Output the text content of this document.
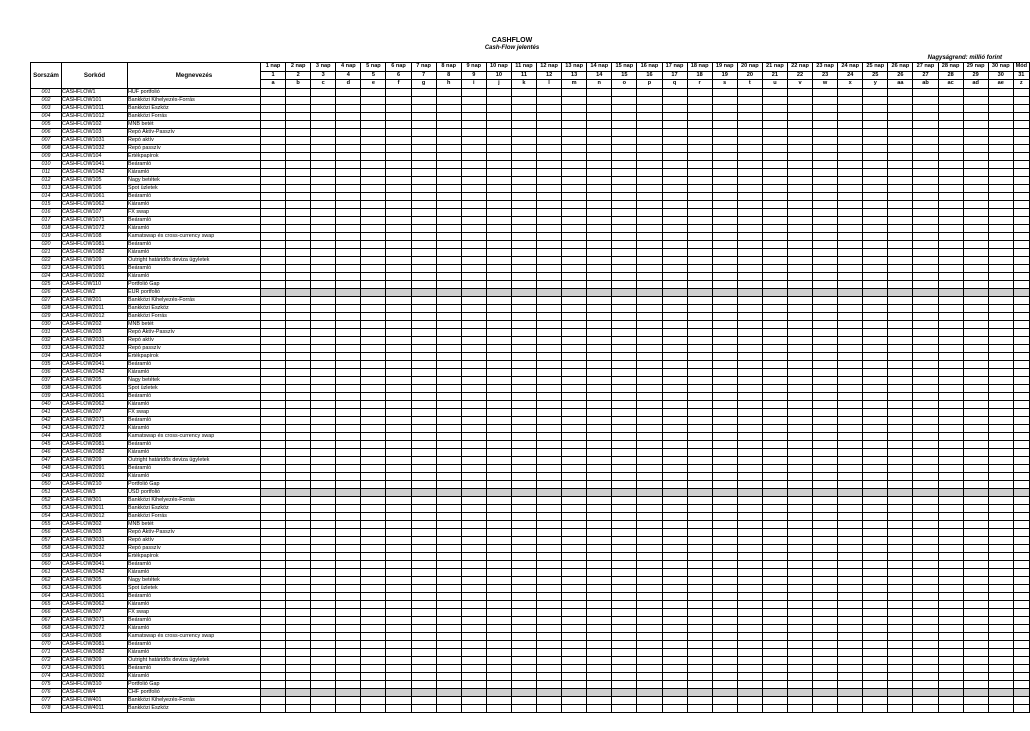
CASHFLOW
Cash-Flow jelentés
Nagyságrend: millió forint
Sorszám	Sorkód	Megnevezés	1 nap	2 nap	3 nap	4 nap	5 nap	6 nap	7 nap	8 nap	9 nap	10 nap	11 nap	12 nap	13 nap	14 nap	15 nap	16 nap	17 nap	18 nap	19 nap	20 nap	21 nap	22 nap	23 nap	24 nap	25 nap	26 nap	27 nap	28 nap	29 nap	30 nap	Mód
			1	2	3	4	5	6	7	8	9	10	11	12	13	14	15	16	17	18	19	20	21	22	23	24	25	26	27	28	29	30	31
			a	b	c	d	e	f	g	h	i	j	k	l	m	n	o	p	q	r	s	t	u	v	w	x	y	aa	ab	ac	ad	ae	z
001	CASHFLOW1	HUF portfolió																															
002	CASHFLOW101	Bankközi Kihelyezés-Forrás																															
003	CASHFLOW1011	Bankközi Eszköz																															
004	CASHFLOW1012	Bankközi Forrás																															
005	CASHFLOW102	MNB betét																															
006	CASHFLOW103	Repó Aktív-Passzív																															
007	CASHFLOW1031	Repó aktív																															
008	CASHFLOW1032	Repó passzív																															
009	CASHFLOW104	Értékpapírok																															
010	CASHFLOW1041	Beáramló																															
011	CASHFLOW1042	Kiáramló																															
012	CASHFLOW105	Nagy betétek																															
013	CASHFLOW106	Spot üzletek																															
014	CASHFLOW1061	Beáramló																															
015	CASHFLOW1062	Kiáramló																															
016	CASHFLOW107	FX swap																															
017	CASHFLOW1071	Beáramló																															
018	CASHFLOW1072	Kiáramló																															
019	CASHFLOW108	Kamatswap és cross-currency swap																															
020	CASHFLOW1081	Beáramló																															
021	CASHFLOW1082	Kiáramló																															
022	CASHFLOW109	Outright határidős deviza ügyletek																															
023	CASHFLOW1091	Beáramló																															
024	CASHFLOW1092	Kiáramló																															
025	CASHFLOW110	Portfolió Gap																															
026	CASHFLOW2	EUR portfolió																															
027	CASHFLOW201	Bankközi Kihelyezés-Forrás																															
028	CASHFLOW2011	Bankközi Eszköz																															
029	CASHFLOW2012	Bankközi Forrás																															
030	CASHFLOW202	MNB betét																															
031	CASHFLOW203	Repó Aktív-Passzív																															
032	CASHFLOW2031	Repó aktív																															
033	CASHFLOW2032	Repó passzív																															
034	CASHFLOW204	Értékpapírok																															
035	CASHFLOW2041	Beáramló																															
036	CASHFLOW2042	Kiáramló																															
037	CASHFLOW205	Nagy betétek																															
038	CASHFLOW206	Spot üzletek																															
039	CASHFLOW2061	Beáramló																															
040	CASHFLOW2062	Kiáramló																															
041	CASHFLOW207	FX swap																															
042	CASHFLOW2071	Beáramló																															
043	CASHFLOW2072	Kiáramló																															
044	CASHFLOW208	Kamatswap és cross-currency swap																															
045	CASHFLOW2081	Beáramló																															
046	CASHFLOW2082	Kiáramló																															
047	CASHFLOW209	Outright határidős deviza ügyletek																															
048	CASHFLOW2091	Beáramló																															
049	CASHFLOW2092	Kiáramló																															
050	CASHFLOW210	Portfolió Gap																															
051	CASHFLOW3	USD portfolió																															
052	CASHFLOW301	Bankközi Kihelyezés-Forrás																															
053	CASHFLOW3011	Bankközi Eszköz																															
054	CASHFLOW3012	Bankközi Forrás																															
055	CASHFLOW302	MNB betét																															
056	CASHFLOW303	Repó Aktív-Passzív																															
057	CASHFLOW3031	Repó aktív																															
058	CASHFLOW3032	Repó passzív																															
059	CASHFLOW304	Értékpapírok																															
060	CASHFLOW3041	Beáramló																															
061	CASHFLOW3042	Kiáramló																															
062	CASHFLOW305	Nagy betétek																															
063	CASHFLOW306	Spot üzletek																															
064	CASHFLOW3061	Beáramló																															
065	CASHFLOW3062	Kiáramló																															
066	CASHFLOW307	FX swap																															
067	CASHFLOW3071	Beáramló																															
068	CASHFLOW3072	Kiáramló																															
069	CASHFLOW308	Kamatswap és cross-currency swap																															
070	CASHFLOW3081	Beáramló																															
071	CASHFLOW3082	Kiáramló																															
072	CASHFLOW309	Outright határidős deviza ügyletek																															
073	CASHFLOW3091	Beáramló																															
074	CASHFLOW3092	Kiáramló																															
075	CASHFLOW310	Portfolió Gap																															
076	CASHFLOW4	CHF portfolió																															
077	CASHFLOW401	Bankközi Kihelyezés-Forrás																															
078	CASHFLOW4011	Bankközi Eszköz																															
